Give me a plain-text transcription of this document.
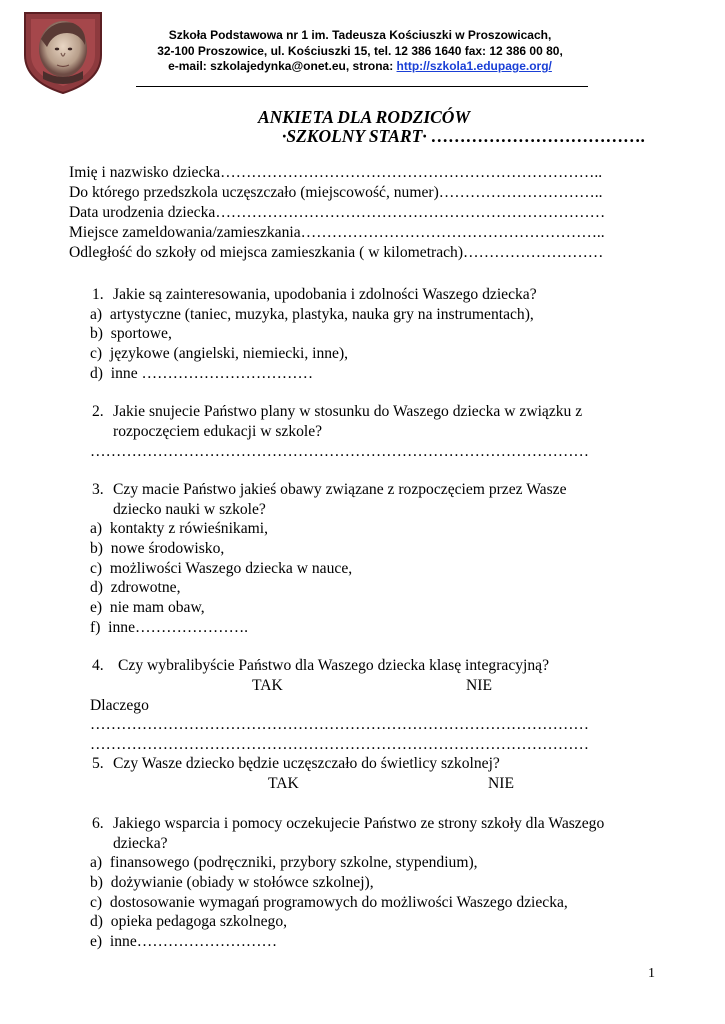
Szkoła Podstawowa nr 1 im. Tadeusza Kościuszki w Proszowicach,
32-100 Proszowice, ul. Kościuszki 15, tel. 12 386 1640 fax: 12 386 00 80,
e-mail: szkolajedynka@onet.eu, strona: http://szkola1.edupage.org/
ANKIETA DLA RODZICÓW
·SZKOLNY START· ……………………………….
Imię i nazwisko dziecka………………………………………………………………..
Do którego przedszkola uczęszczało (miejscowość, numer)…………………………..
Data urodzenia dziecka…………………………………………………………………
Miejsce zameldowania/zamieszkania…………………………………………………..
Odległość do szkoły od miejsca zamieszkania ( w kilometrach)………………………
1. Jakie są zainteresowania, upodobania i zdolności Waszego dziecka?
a)  artystyczne (taniec, muzyka, plastyka, nauka gry na instrumentach),
b)  sportowe,
c)  językowe (angielski, niemiecki, inne),
d)  inne ……………………………
2. Jakie snujecie Państwo plany w stosunku do Waszego dziecka w związku z
rozpoczęciem edukacji w szkole?
……………………………………………………………………………………
3. Czy macie Państwo jakieś obawy związane z rozpoczęciem przez Wasze
dziecko nauki w szkole?
a)  kontakty z rówieśnikami,
b)  nowe środowisko,
c)  możliwości Waszego dziecka w nauce,
d)  zdrowotne,
e)  nie mam obaw,
f)  inne………………….
4. Czy wybralibyście Państwo dla Waszego dziecka klasę integracyjną?
TAK	NIE
Dlaczego
……………………………………………………………………………………
……………………………………………………………………………………
5. Czy Wasze dziecko będzie uczęszczało do świetlicy szkolnej?
TAK	NIE
6. Jakiego wsparcia i pomocy oczekujecie Państwo ze strony szkoły dla Waszego
dziecka?
a)  finansowego (podręczniki, przybory szkolne, stypendium),
b)  dożywianie (obiady w stołówce szkolnej),
c)  dostosowanie wymagań programowych do możliwości Waszego dziecka,
d)  opieka pedagoga szkolnego,
e)  inne………………………
1
